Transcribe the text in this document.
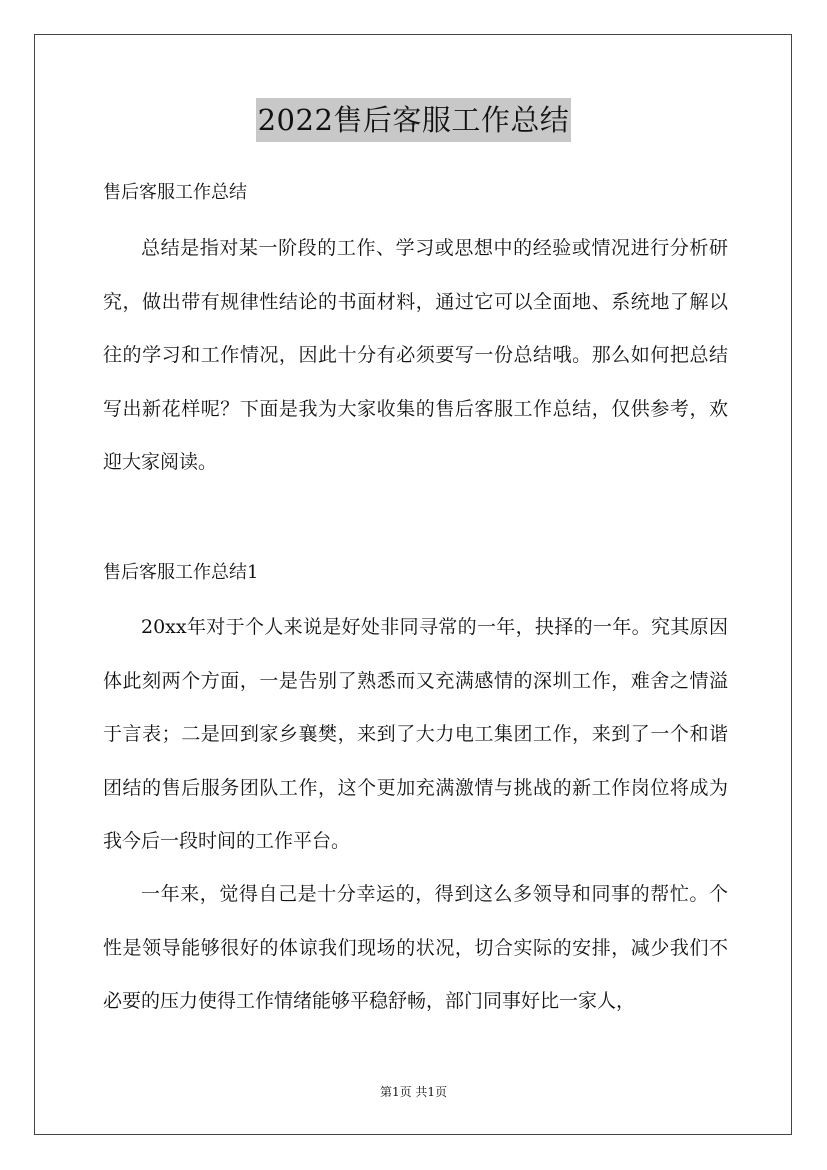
2022售后客服工作总结
售后客服工作总结

总结是指对某一阶段的工作、学习或思想中的经验或情况进行分析研究，做出带有规律性结论的书面材料，通过它可以全面地、系统地了解以往的学习和工作情况，因此十分有必须要写一份总结哦。那么如何把总结写出新花样呢？下面是我为大家收集的售后客服工作总结，仅供参考，欢迎大家阅读。

售后客服工作总结1

20xx年对于个人来说是好处非同寻常的一年，抉择的一年。究其原因体此刻两个方面，一是告别了熟悉而又充满感情的深圳工作，难舍之情溢于言表；二是回到家乡襄樊，来到了大力电工集团工作，来到了一个和谐团结的售后服务团队工作，这个更加充满激情与挑战的新工作岗位将成为我今后一段时间的工作平台。

一年来，觉得自己是十分幸运的，得到这么多领导和同事的帮忙。个性是领导能够很好的体谅我们现场的状况，切合实际的安排，减少我们不必要的压力使得工作情绪能够平稳舒畅，部门同事好比一家人，

第1页 共1页
